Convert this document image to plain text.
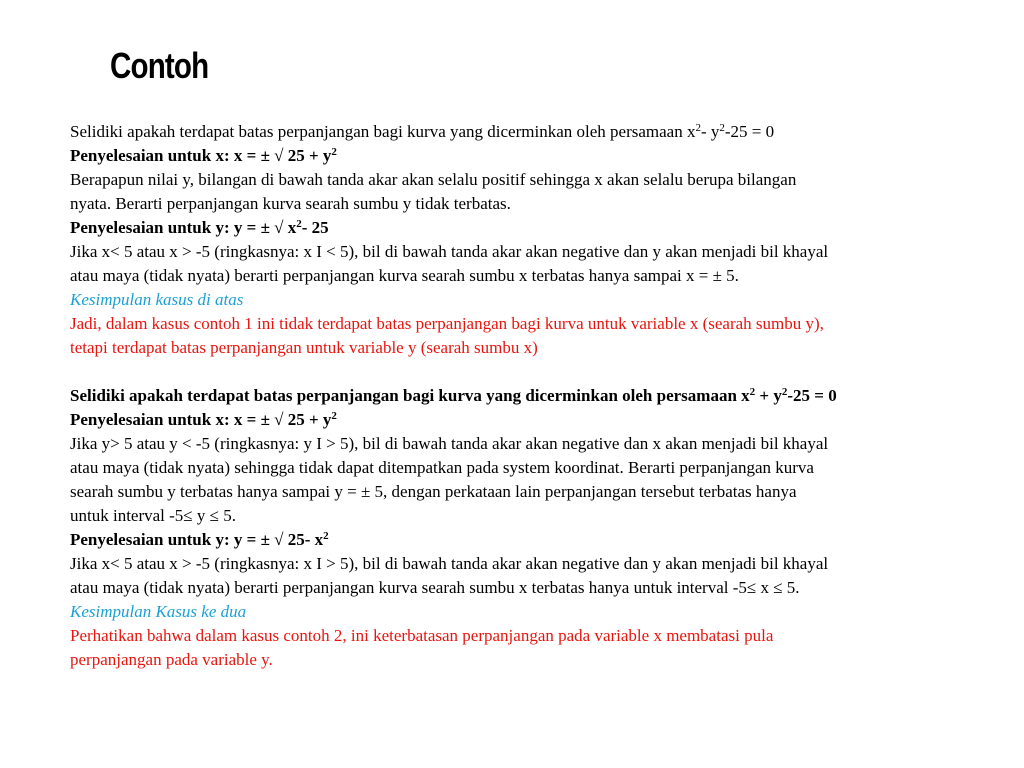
Contoh
Selidiki apakah terdapat batas perpanjangan bagi kurva yang dicerminkan oleh persamaan $x^2-$ $y^2-25 = 0$
Penyelesaian untuk x: x = ± √ $25 + y^2$
Berapapun nilai y, bilangan di bawah tanda akar akan selalu positif sehingga x akan selalu berupa bilangan
nyata. Berarti perpanjangan kurva searah sumbu y tidak terbatas.
Penyelesaian untuk y: y = ± √ $x^2-$ 25
Jika x< 5 atau x > -5 (ringkasnya: x I < 5), bil di bawah tanda akar akan negative dan y akan menjadi bil khayal
atau maya (tidak nyata) berarti perpanjangan kurva searah sumbu x terbatas hanya sampai x = ± 5.
Kesimpulan kasus di atas
Jadi, dalam kasus contoh 1 ini tidak terdapat batas perpanjangan bagi kurva untuk variable x (searah sumbu y),
tetapi terdapat batas perpanjangan untuk variable y (searah sumbu x)
Selidiki apakah terdapat batas perpanjangan bagi kurva yang dicerminkan oleh persamaan $x^2 + y^2-25 = 0$
Penyelesaian untuk x: x = ± √ $25 + y^2$
Jika y> 5 atau y < -5 (ringkasnya: y I > 5), bil di bawah tanda akar akan negative dan x akan menjadi bil khayal
atau maya (tidak nyata) sehingga tidak dapat ditempatkan pada system koordinat. Berarti perpanjangan kurva
searah sumbu y terbatas hanya sampai y = ± 5, dengan perkataan lain perpanjangan tersebut terbatas hanya
untuk interval -5≤ y ≤ 5.
Penyelesaian untuk y: y = ± √ 25- $x^2$
Jika x< 5 atau x > -5 (ringkasnya: x I > 5), bil di bawah tanda akar akan negative dan y akan menjadi bil khayal
atau maya (tidak nyata) berarti perpanjangan kurva searah sumbu x terbatas hanya untuk interval -5≤ x ≤ 5.
Kesimpulan Kasus ke dua
Perhatikan bahwa dalam kasus contoh 2, ini keterbatasan perpanjangan pada variable x membatasi pula
perpanjangan pada variable y.
